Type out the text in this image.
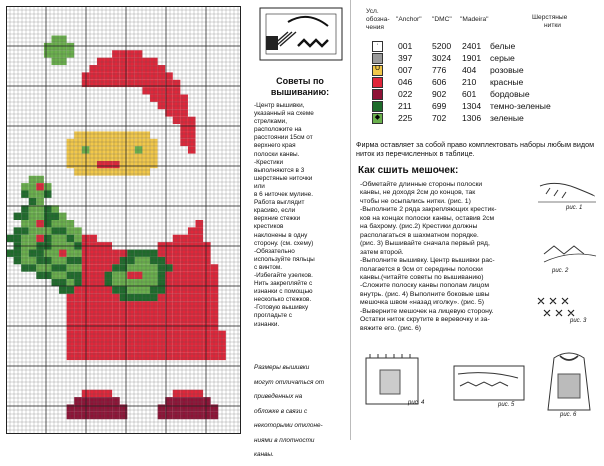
Советы по вышиванию:

-Центр вышивки,

указанный на схеме

стрелками,

расположите на

расстоянии 15см от

верхнего края

полоски канвы.

-Крестики

выполняются в 3

шерстяные ниточки

или

в 6 ниточек мулине.

Работа выглядит

красиво, если

верхние стежки

крестиков

наклонены в одну

сторону. (см. схему)

-Обязательно

используйте пяльцы

с винтом.

-Избегайте узелков.

Нить закрепляйте с

изнанки с помощью

несколько стежков.

-Готовую вышивку

прогладьте с

изнанки.

Размеры вышивки

могут отличаться от

приведенных на

обложке в связи с

некоторыми отклоне-

ниями в плотности

канвы.

Усл.
обозна-
чения
"Anchor" "DMC" "Madeira"	Шерстяные
нитки
·	001 5200 2401 белые
397 3024 1901 серые
U 007 776 404 розовые
046 606 210 красные
022 902 601 бордовые
211 699 1304 темно-зеленые
◆ 225 702 1306 зеленые
Фирма оставляет за собой право комплектовать наборы любым видом ниток из перечисленных в таблице.
Как сшить мешочек:

-Обметайте длинные стороны полоски

канвы, не доходя 2см до концов, так

чтобы не осыпались нитки. (рис. 1)

-Выполните 2 ряда закрепляющих крестик-

ков на концах полоски канвы, оставив 2см

на бахрому. (рис.2) Крестики должны

располагаться в шахматном порядке.

(рис. 3) Вышивайте сначала первый ряд,

затем второй.

-Выполните вышивку. Центр вышивки рас-

полагается в 9см от середины полоски

канвы.(читайте советы по вышиванию)

-Сложите полоску канвы пополам лицом

внутрь. (рис. 4) Выполните боковые швы

мешочка швом «назад иголку». (рис. 5)

-Выверните мешочек на лицевую сторону.

Остатки ниток скрутите в веревочку и за-

вяжите его. (рис. 6)

рис. 1
рис. 2
рис. 3
рис. 4	рис. 5
рис. 6
